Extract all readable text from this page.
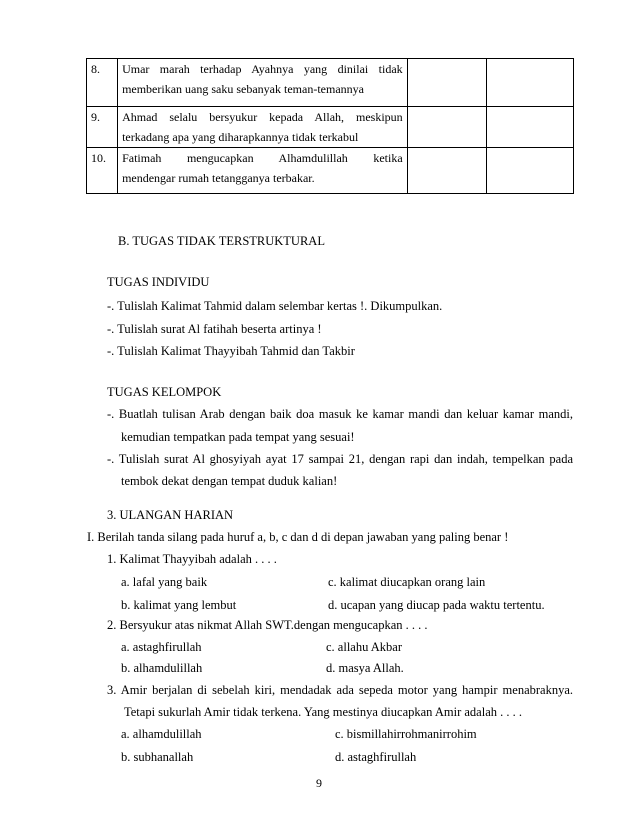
8.	Umar marah terhadap Ayahnya yang dinilai tidak
memberikan uang saku sebanyak teman-temannya		

9.	Ahmad selalu bersyukur kepada Allah, meskipun
terkadang apa yang diharapkannya tidak terkabul		

10.	Fatimah mengucapkan Alhamdulillah ketika
mendengar rumah tetangganya terbakar.		

B. TUGAS TIDAK TERSTRUKTURAL
TUGAS INDIVIDU
-. Tulislah Kalimat Tahmid dalam selembar kertas !. Dikumpulkan.
-. Tulislah surat Al fatihah beserta artinya !
-. Tulislah Kalimat Thayyibah Tahmid dan Takbir
TUGAS KELOMPOK
-. Buatlah tulisan Arab dengan baik doa masuk ke kamar mandi dan keluar kamar mandi,
kemudian tempatkan pada tempat yang sesuai!
-. Tulislah surat Al ghosyiyah ayat 17 sampai 21, dengan rapi dan indah, tempelkan pada
tembok dekat dengan tempat duduk kalian!
3. ULANGAN HARIAN
I. Berilah tanda silang pada huruf a, b, c dan d di depan jawaban yang paling benar !
1. Kalimat Thayyibah adalah . . . .
a. lafal yang baik	c. kalimat diucapkan orang lain
b. kalimat yang lembut	d. ucapan yang diucap pada waktu tertentu.
2. Bersyukur atas nikmat Allah SWT.dengan mengucapkan . . . .
a. astaghfirullah	c. allahu Akbar
b. alhamdulillah	d. masya Allah.
3. Amir berjalan di sebelah kiri, mendadak ada sepeda motor yang hampir menabraknya.
Tetapi sukurlah Amir tidak terkena. Yang mestinya diucapkan Amir adalah . . . .
a. alhamdulillah	c. bismillahirrohmanirrohim
b. subhanallah	d. astaghfirullah
9
